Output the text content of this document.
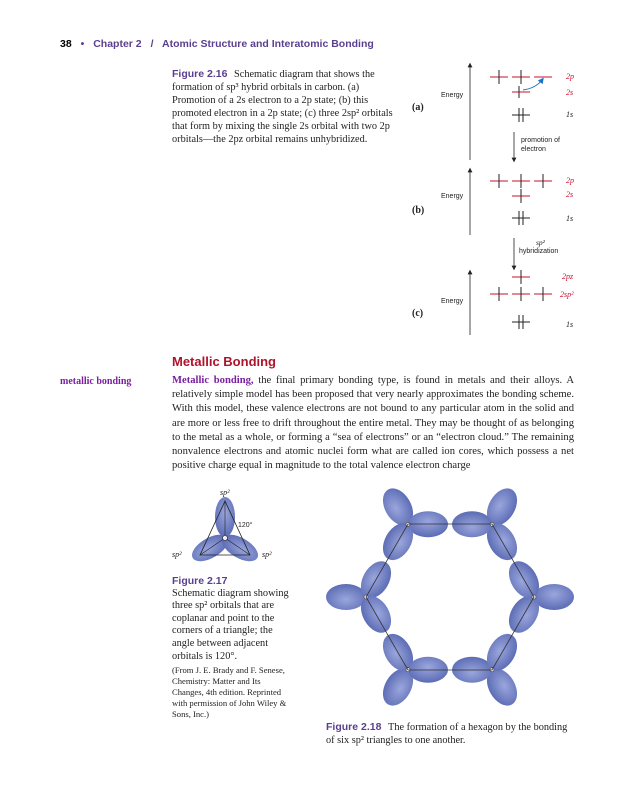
38 • Chapter 2 / Atomic Structure and Interatomic Bonding
Figure 2.16 Schematic diagram that shows the formation of sp³ hybrid orbitals in carbon. (a) Promotion of a 2s electron to a 2p state; (b) this promoted electron in a 2p state; (c) three 2sp² orbitals that form by mixing the single 2s orbital with two 2p orbitals—the 2pz orbital remains unhybridized.
(a)
(b)
(c)
Energy
Energy
Energy
2p
2s
1s
2p
2s
1s
2pz
2sp²
1s
promotion of electron
sp²
hybridization
Metallic Bonding
metallic bonding	Metallic bonding, the final primary bonding type, is found in metals and their alloys. A relatively simple model has been proposed that very nearly approximates the bonding scheme. With this model, these valence electrons are not bound to any particular atom in the solid and are more or less free to drift throughout the entire metal. They may be thought of as belonging to the metal as a whole, or forming a “sea of electrons” or an “electron cloud.” The remaining nonvalence electrons and atomic nuclei form what are called ion cores, which possess a net positive charge equal in magnitude to the total valence electron charge
sp²
sp²	sp²
120°
Figure 2.17
Schematic diagram showing three sp² orbitals that are coplanar and point to the corners of a triangle; the angle between adjacent orbitals is 120°.
(From J. E. Brady and F. Senese, Chemistry: Matter and Its Changes, 4th edition. Reprinted with permission of John Wiley & Sons, Inc.)
Figure 2.18 The formation of a hexagon by the bonding of six sp² triangles to one another.
